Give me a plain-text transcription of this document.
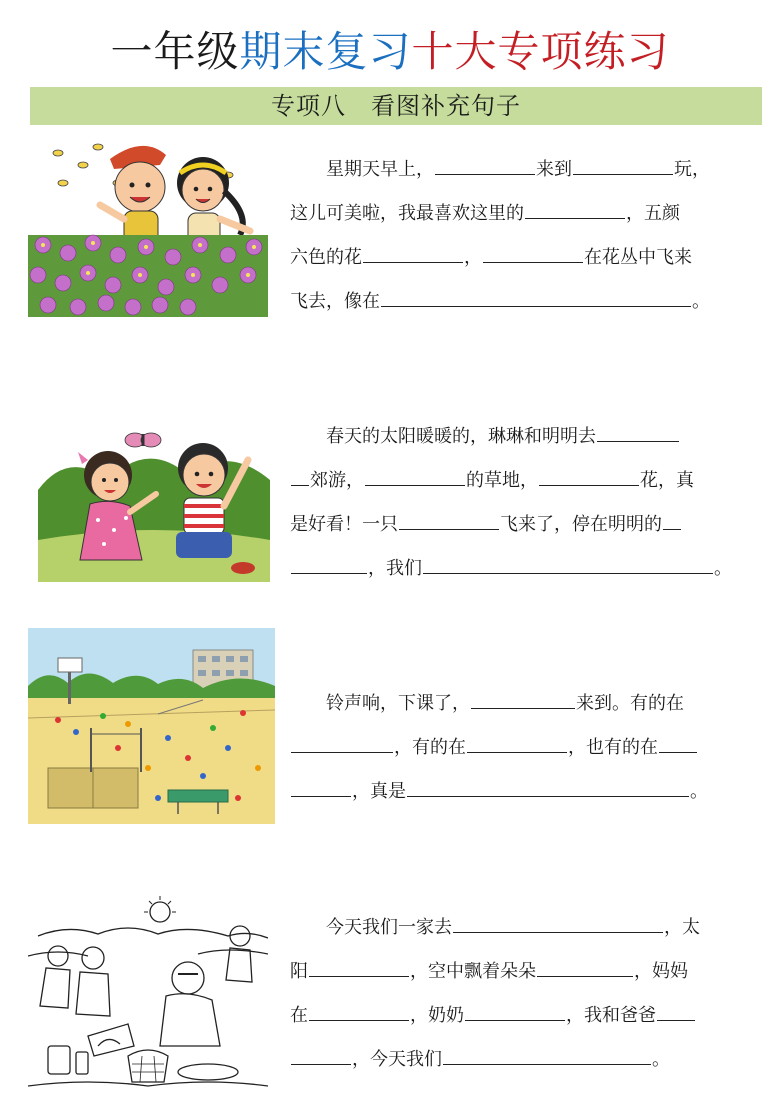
一年级期末复习十大专项练习
专项八　看图补充句子
　　星期天早上，	来到	玩，
这儿可美啦，我最喜欢这里的	，五颜
六色的花	，	在花丛中飞来
飞去，像在	。
　　春天的太阳暖暖的，琳琳和明明去
郊游，	的草地，	花，真
是好看！一只	飞来了，停在明明的
，我们	。
　　铃声响，下课了，	来到。有的在
，有的在	，也有的在
，真是	。
　　今天我们一家去	，太
阳	，空中飘着朵朵	，妈妈
在	，奶奶	，我和爸爸
，今天我们	。
